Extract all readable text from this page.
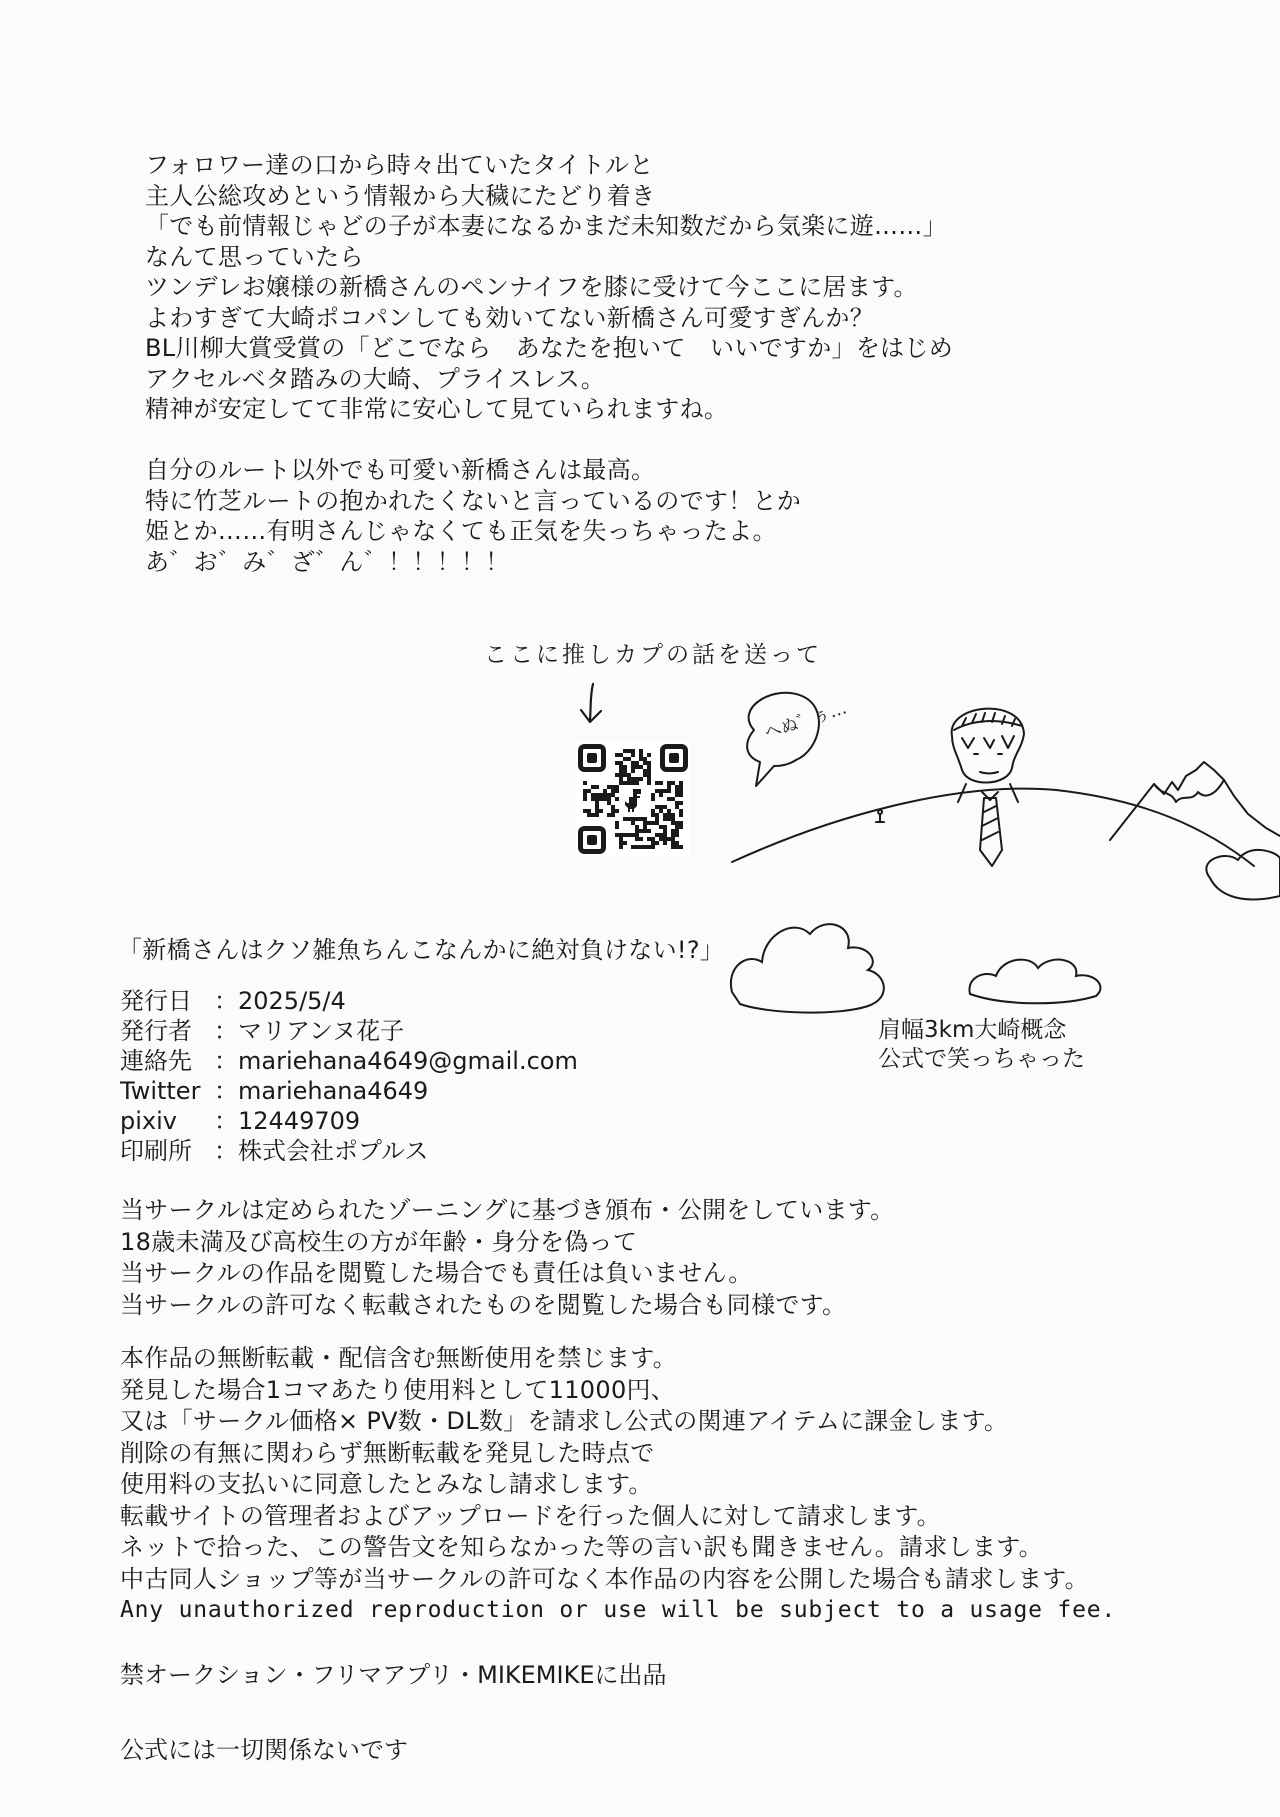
フォロワー達の口から時々出ていたタイトルと
主人公総攻めという情報から大穢にたどり着き
「でも前情報じゃどの子が本妻になるかまだ未知数だから気楽に遊……」
なんて思っていたら
ツンデレお嬢様の新橋さんのペンナイフを膝に受けて今ここに居ます。
よわすぎて大崎ポコパンしても効いてない新橋さん可愛すぎんか？
BL川柳大賞受賞の「どこでなら　あなたを抱いて　いいですか」をはじめ
アクセルベタ踏みの大崎、プライスレス。
精神が安定してて非常に安心して見ていられますね。
自分のルート以外でも可愛い新橋さんは最高。
特に竹芝ルートの抱かれたくないと言っているのです！とか
姫とか……有明さんじゃなくても正気を失っちゃったよ。
あ゛お゛み゛ざ゛ん゛！！！！！
ここに推しカプの話を送って
へぬ゛ぅ…
肩幅3km大崎概念
公式で笑っちゃった
「新橋さんはクソ雑魚ちんこなんかに絶対負けない!?」
発行日 ：2025/5/4
発行者 ：マリアンヌ花子
連絡先 ：mariehana4649@gmail.com
Twitter ：mariehana4649
pixiv	：12449709
印刷所 ：株式会社ポプルス
当サークルは定められたゾーニングに基づき頒布・公開をしています。
18歳未満及び高校生の方が年齢・身分を偽って
当サークルの作品を閲覧した場合でも責任は負いません。
当サークルの許可なく転載されたものを閲覧した場合も同様です。
本作品の無断転載・配信含む無断使用を禁じます。
発見した場合1コマあたり使用料として11000円、
又は「サークル価格× PV数・DL数」を請求し公式の関連アイテムに課金します。
削除の有無に関わらず無断転載を発見した時点で
使用料の支払いに同意したとみなし請求します。
転載サイトの管理者およびアップロードを行った個人に対して請求します。
ネットで拾った、この警告文を知らなかった等の言い訳も聞きません。請求します。
中古同人ショップ等が当サークルの許可なく本作品の内容を公開した場合も請求します。
Any unauthorized reproduction or use will be subject to a usage fee.
禁オークション・フリマアプリ・MIKEMIKEに出品
公式には一切関係ないです
